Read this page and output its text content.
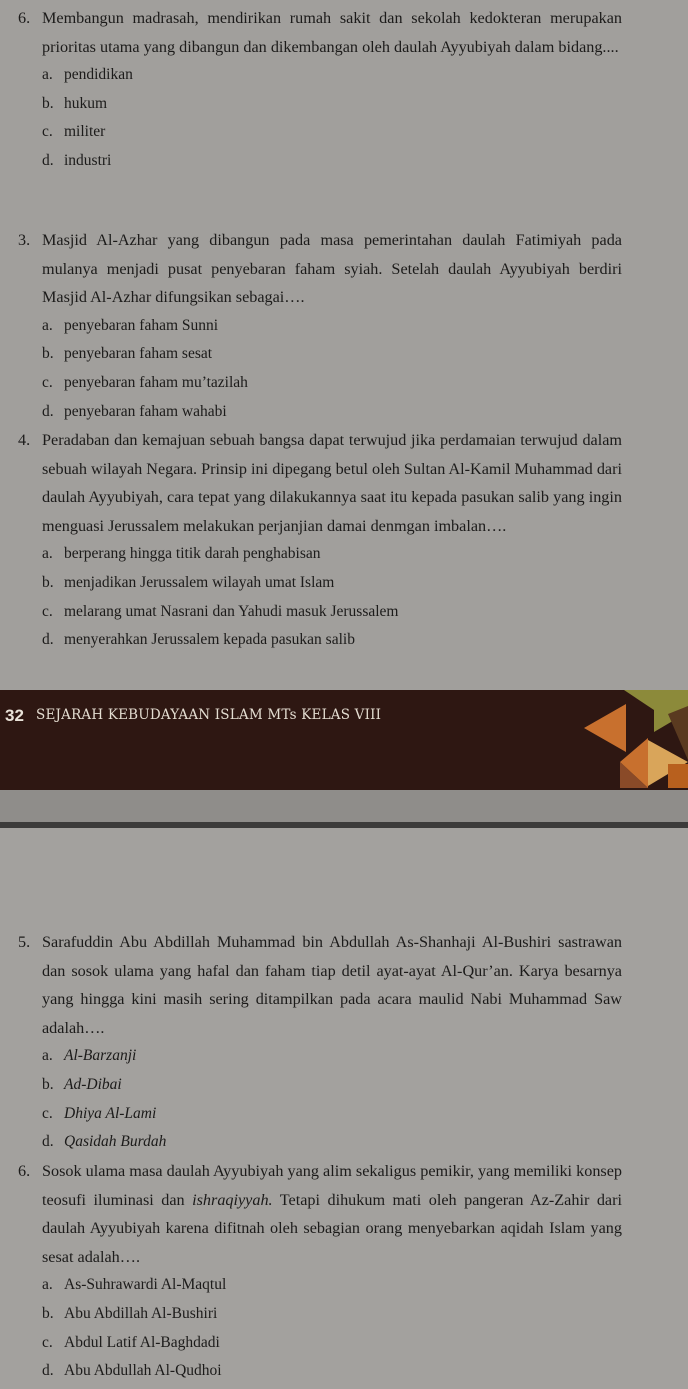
6. Membangun madrasah, mendirikan rumah sakit dan sekolah kedokteran merupakan prioritas utama yang dibangun dan dikembangan oleh daulah Ayyubiyah dalam bidang....
a. pendidikan
b. hukum
c. militer
d. industri
3. Masjid Al-Azhar yang dibangun pada masa pemerintahan daulah Fatimiyah pada mulanya menjadi pusat penyebaran faham syiah. Setelah daulah Ayyubiyah berdiri Masjid Al-Azhar difungsikan sebagai….
a. penyebaran faham Sunni
b. penyebaran faham sesat
c. penyebaran faham mu’tazilah
d. penyebaran faham wahabi
4. Peradaban dan kemajuan sebuah bangsa dapat terwujud jika perdamaian terwujud dalam sebuah wilayah Negara. Prinsip ini dipegang betul oleh Sultan Al-Kamil Muhammad dari daulah Ayyubiyah, cara tepat yang dilakukannya saat itu kepada pasukan salib yang ingin menguasi Jerussalem melakukan perjanjian damai denmgan imbalan….
a. berperang hingga titik darah penghabisan
b. menjadikan Jerussalem wilayah umat Islam
c. melarang umat Nasrani dan Yahudi masuk Jerussalem
d. menyerahkan Jerussalem kepada pasukan salib
32 SEJARAH KEBUDAYAAN ISLAM MTs KELAS VIII
5. Sarafuddin Abu Abdillah Muhammad bin Abdullah As-Shanhaji Al-Bushiri sastrawan dan sosok ulama yang hafal dan faham tiap detil ayat-ayat Al-Qur’an. Karya besarnya yang hingga kini masih sering ditampilkan pada acara maulid Nabi Muhammad Saw adalah….
a. Al-Barzanji
b. Ad-Dibai
c. Dhiya Al-Lami
d. Qasidah Burdah
6. Sosok ulama masa daulah Ayyubiyah yang alim sekaligus pemikir, yang memiliki konsep teosufi iluminasi dan ishraqiyyah. Tetapi dihukum mati oleh pangeran Az-Zahir dari daulah Ayyubiyah karena difitnah oleh sebagian orang menyebarkan aqidah Islam yang sesat adalah….
a. As-Suhrawardi Al-Maqtul
b. Abu Abdillah Al-Bushiri
c. Abdul Latif Al-Baghdadi
d. Abu Abdullah Al-Qudhoi
